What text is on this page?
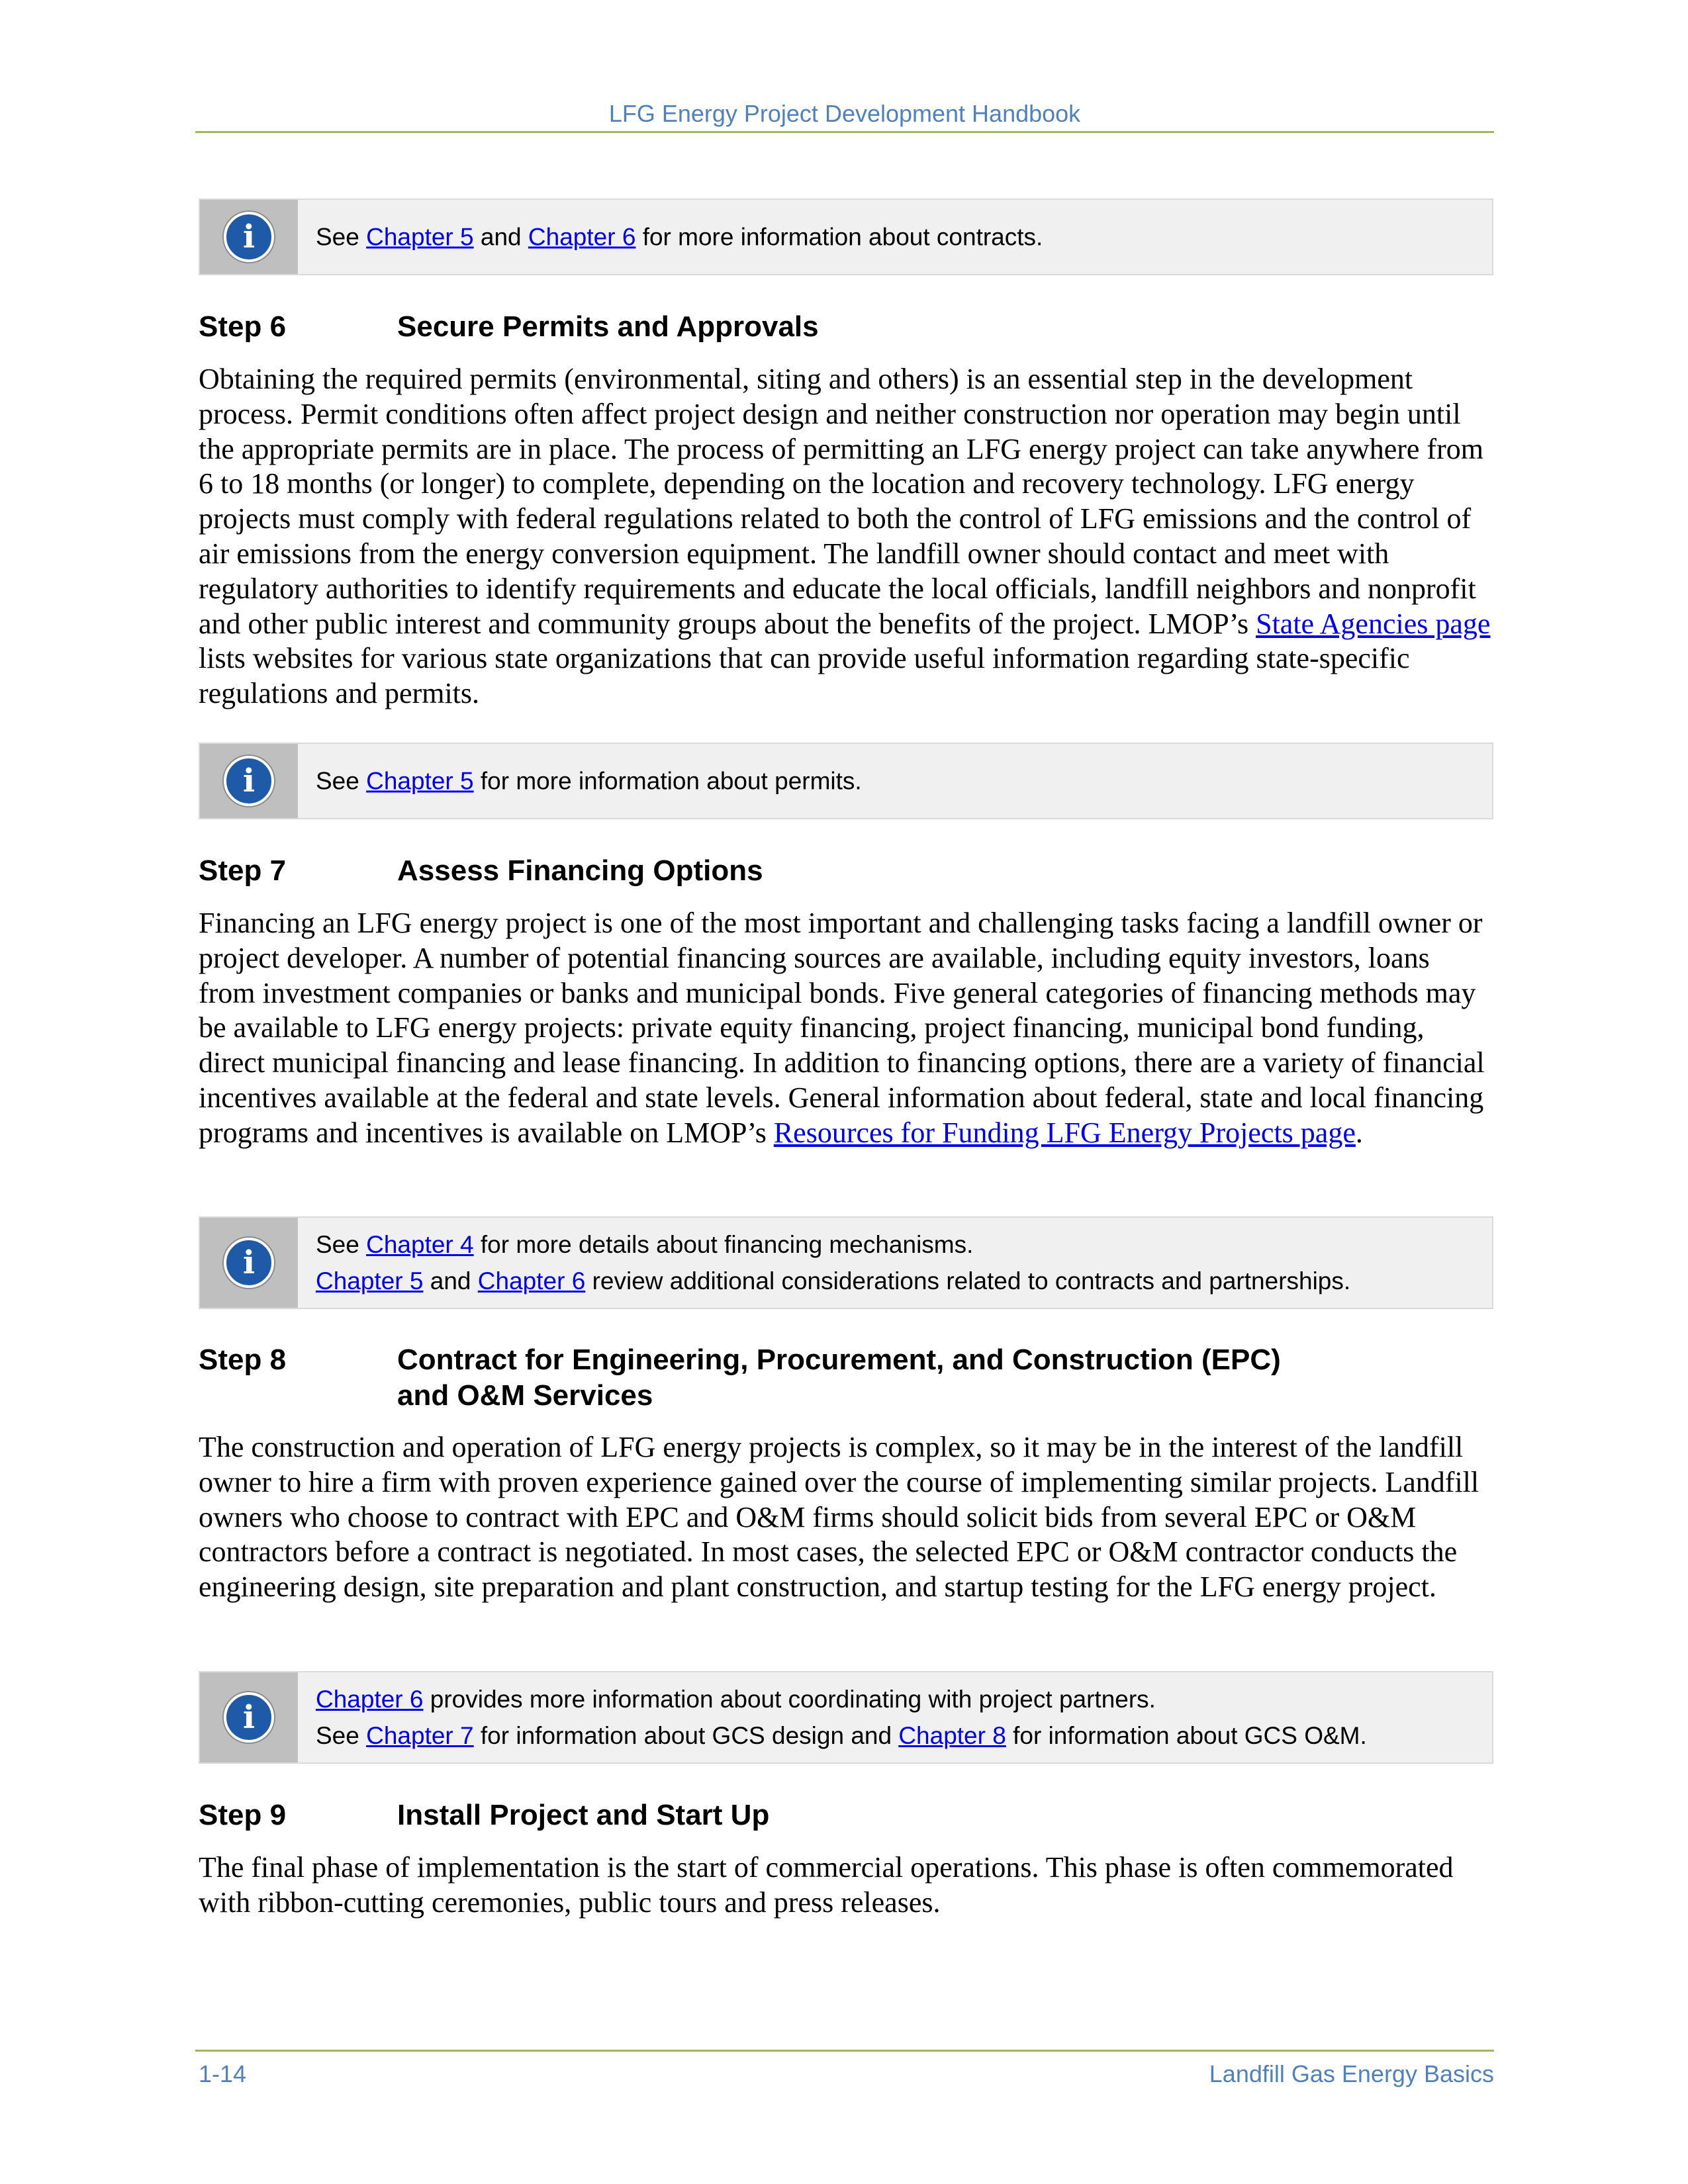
LFG Energy Project Development Handbook
i	See Chapter 5 and Chapter 6 for more information about contracts.
Step 6	Secure Permits and Approvals
Obtaining the required permits (environmental, siting and others) is an essential step in the development process. Permit conditions often affect project design and neither construction nor operation may begin until the appropriate permits are in place. The process of permitting an LFG energy project can take anywhere from 6 to 18 months (or longer) to complete, depending on the location and recovery technology. LFG energy projects must comply with federal regulations related to both the control of LFG emissions and the control of air emissions from the energy conversion equipment. The landfill owner should contact and meet with regulatory authorities to identify requirements and educate the local officials, landfill neighbors and nonprofit and other public interest and community groups about the benefits of the project. LMOP’s State Agencies page lists websites for various state organizations that can provide useful information regarding state-specific regulations and permits.
i	See Chapter 5 for more information about permits.
Step 7	Assess Financing Options
Financing an LFG energy project is one of the most important and challenging tasks facing a landfill owner or project developer. A number of potential financing sources are available, including equity investors, loans from investment companies or banks and municipal bonds. Five general categories of financing methods may be available to LFG energy projects: private equity financing, project financing, municipal bond funding, direct municipal financing and lease financing. In addition to financing options, there are a variety of financial incentives available at the federal and state levels. General information about federal, state and local financing programs and incentives is available on LMOP’s Resources for Funding LFG Energy Projects page.
i	See Chapter 4 for more details about financing mechanisms.
Chapter 5 and Chapter 6 review additional considerations related to contracts and partnerships.
Step 8	Contract for Engineering, Procurement, and Construction (EPC)
and O&M Services
The construction and operation of LFG energy projects is complex, so it may be in the interest of the landfill owner to hire a firm with proven experience gained over the course of implementing similar projects. Landfill owners who choose to contract with EPC and O&M firms should solicit bids from several EPC or O&M contractors before a contract is negotiated. In most cases, the selected EPC or O&M contractor conducts the engineering design, site preparation and plant construction, and startup testing for the LFG energy project.
i	Chapter 6 provides more information about coordinating with project partners.
See Chapter 7 for information about GCS design and Chapter 8 for information about GCS O&M.
Step 9	Install Project and Start Up
The final phase of implementation is the start of commercial operations. This phase is often commemorated with ribbon-cutting ceremonies, public tours and press releases.
1-14	Landfill Gas Energy Basics
